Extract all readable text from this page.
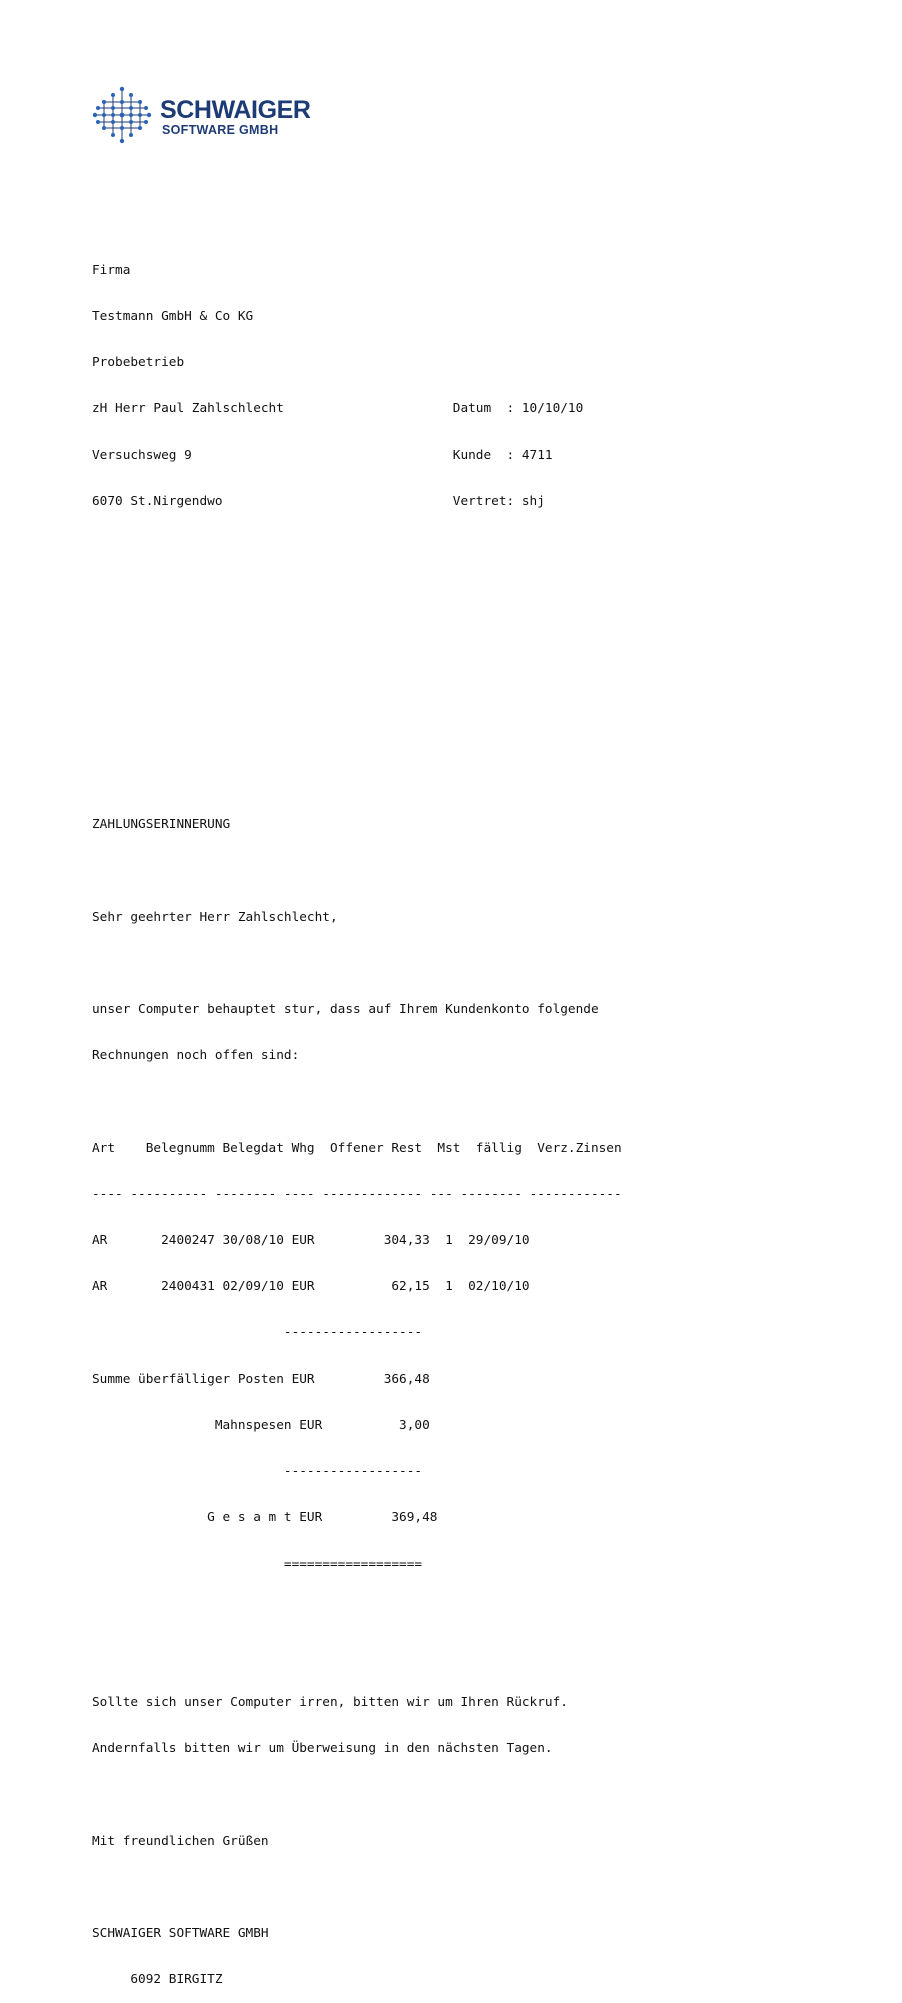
SCHWAIGER

SOFTWARE GMBH

Firma

Testmann GmbH & Co KG

Probebetrieb

zH Herr Paul Zahlschlecht                      Datum  : 10/10/10

Versuchsweg 9                                  Kunde  : 4711

6070 St.Nirgendwo                              Vertret: shj

ZAHLUNGSERINNERUNG

Sehr geehrter Herr Zahlschlecht,

unser Computer behauptet stur, dass auf Ihrem Kundenkonto folgende

Rechnungen noch offen sind:

Art    Belegnumm Belegdat Whg  Offener Rest  Mst  fällig  Verz.Zinsen

---- ---------- -------- ---- ------------- --- -------- ------------

AR       2400247 30/08/10 EUR         304,33  1  29/09/10

AR       2400431 02/09/10 EUR          62,15  1  02/10/10

------------------

Summe überfälliger Posten EUR         366,48

Mahnspesen EUR          3,00

------------------

G e s a m t EUR         369,48

==================

Sollte sich unser Computer irren, bitten wir um Ihren Rückruf.

Andernfalls bitten wir um Überweisung in den nächsten Tagen.

Mit freundlichen Grüßen

SCHWAIGER SOFTWARE GMBH

6092 BIRGITZ
